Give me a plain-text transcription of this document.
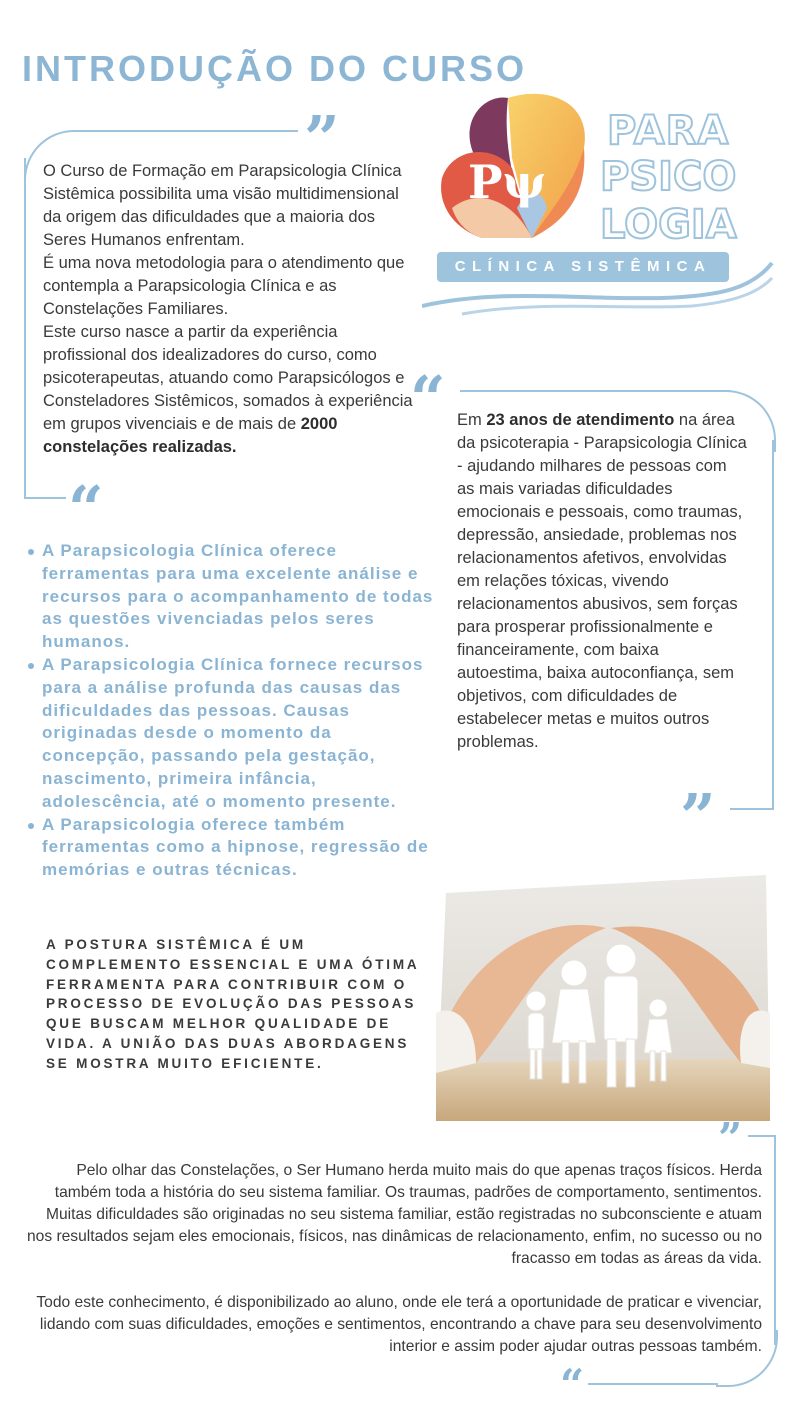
INTRODUÇÃO DO CURSO
”
“
O Curso de Formação em Parapsicologia Clínica Sistêmica possibilita uma visão multidimensional da origem das dificuldades que a maioria dos Seres Humanos enfrentam.
É uma nova metodologia para o atendimento que contempla a Parapsicologia Clínica e as Constelações Familiares.
Este curso nasce a partir da experiência profissional dos idealizadores do curso, como psicoterapeutas, atuando como Parapsicólogos e Consteladores Sistêmicos, somados à experiência em grupos vivenciais e de mais de 2000 constelações realizadas.
Pψ
PARA
PSICO
LOGIA
CLÍNICA SISTÊMICA
“
”
Em 23 anos de atendimento na área da psicoterapia - Parapsicologia Clínica - ajudando milhares de pessoas com as mais variadas dificuldades emocionais e pessoais, como traumas, depressão, ansiedade, problemas nos relacionamentos afetivos, envolvidas em relações tóxicas, vivendo relacionamentos abusivos, sem forças para prosperar profissionalmente e financeiramente, com baixa autoestima, baixa autoconfiança, sem objetivos, com dificuldades de estabelecer metas e muitos outros problemas.
A Parapsicologia Clínica oferece ferramentas para uma excelente análise e recursos para o acompanhamento de todas as questões vivenciadas pelos seres humanos.
A Parapsicologia Clínica fornece recursos para a análise profunda das causas das dificuldades das pessoas. Causas originadas desde o momento da concepção, passando pela gestação, nascimento, primeira infância, adolescência, até o momento presente.
A Parapsicologia oferece também ferramentas como a hipnose, regressão de memórias e outras técnicas.
A POSTURA SISTÊMICA É UM COMPLEMENTO ESSENCIAL E UMA ÓTIMA FERRAMENTA PARA CONTRIBUIR COM O PROCESSO DE EVOLUÇÃO DAS PESSOAS QUE BUSCAM MELHOR QUALIDADE DE VIDA. A UNIÃO DAS DUAS ABORDAGENS SE MOSTRA MUITO EFICIENTE.
”
“

Pelo olhar das Constelações, o Ser Humano herda muito mais do que apenas traços físicos. Herda também toda a história do seu sistema familiar. Os traumas, padrões de comportamento, sentimentos. Muitas dificuldades são originadas no seu sistema familiar, estão registradas no subconsciente e atuam nos resultados sejam eles emocionais, físicos, nas dinâmicas de relacionamento, enfim, no sucesso ou no fracasso em todas as áreas da vida.

Todo este conhecimento, é disponibilizado ao aluno, onde ele terá a oportunidade de praticar e vivenciar, lidando com suas dificuldades, emoções e sentimentos, encontrando a chave para seu desenvolvimento interior e assim poder ajudar outras pessoas também.
